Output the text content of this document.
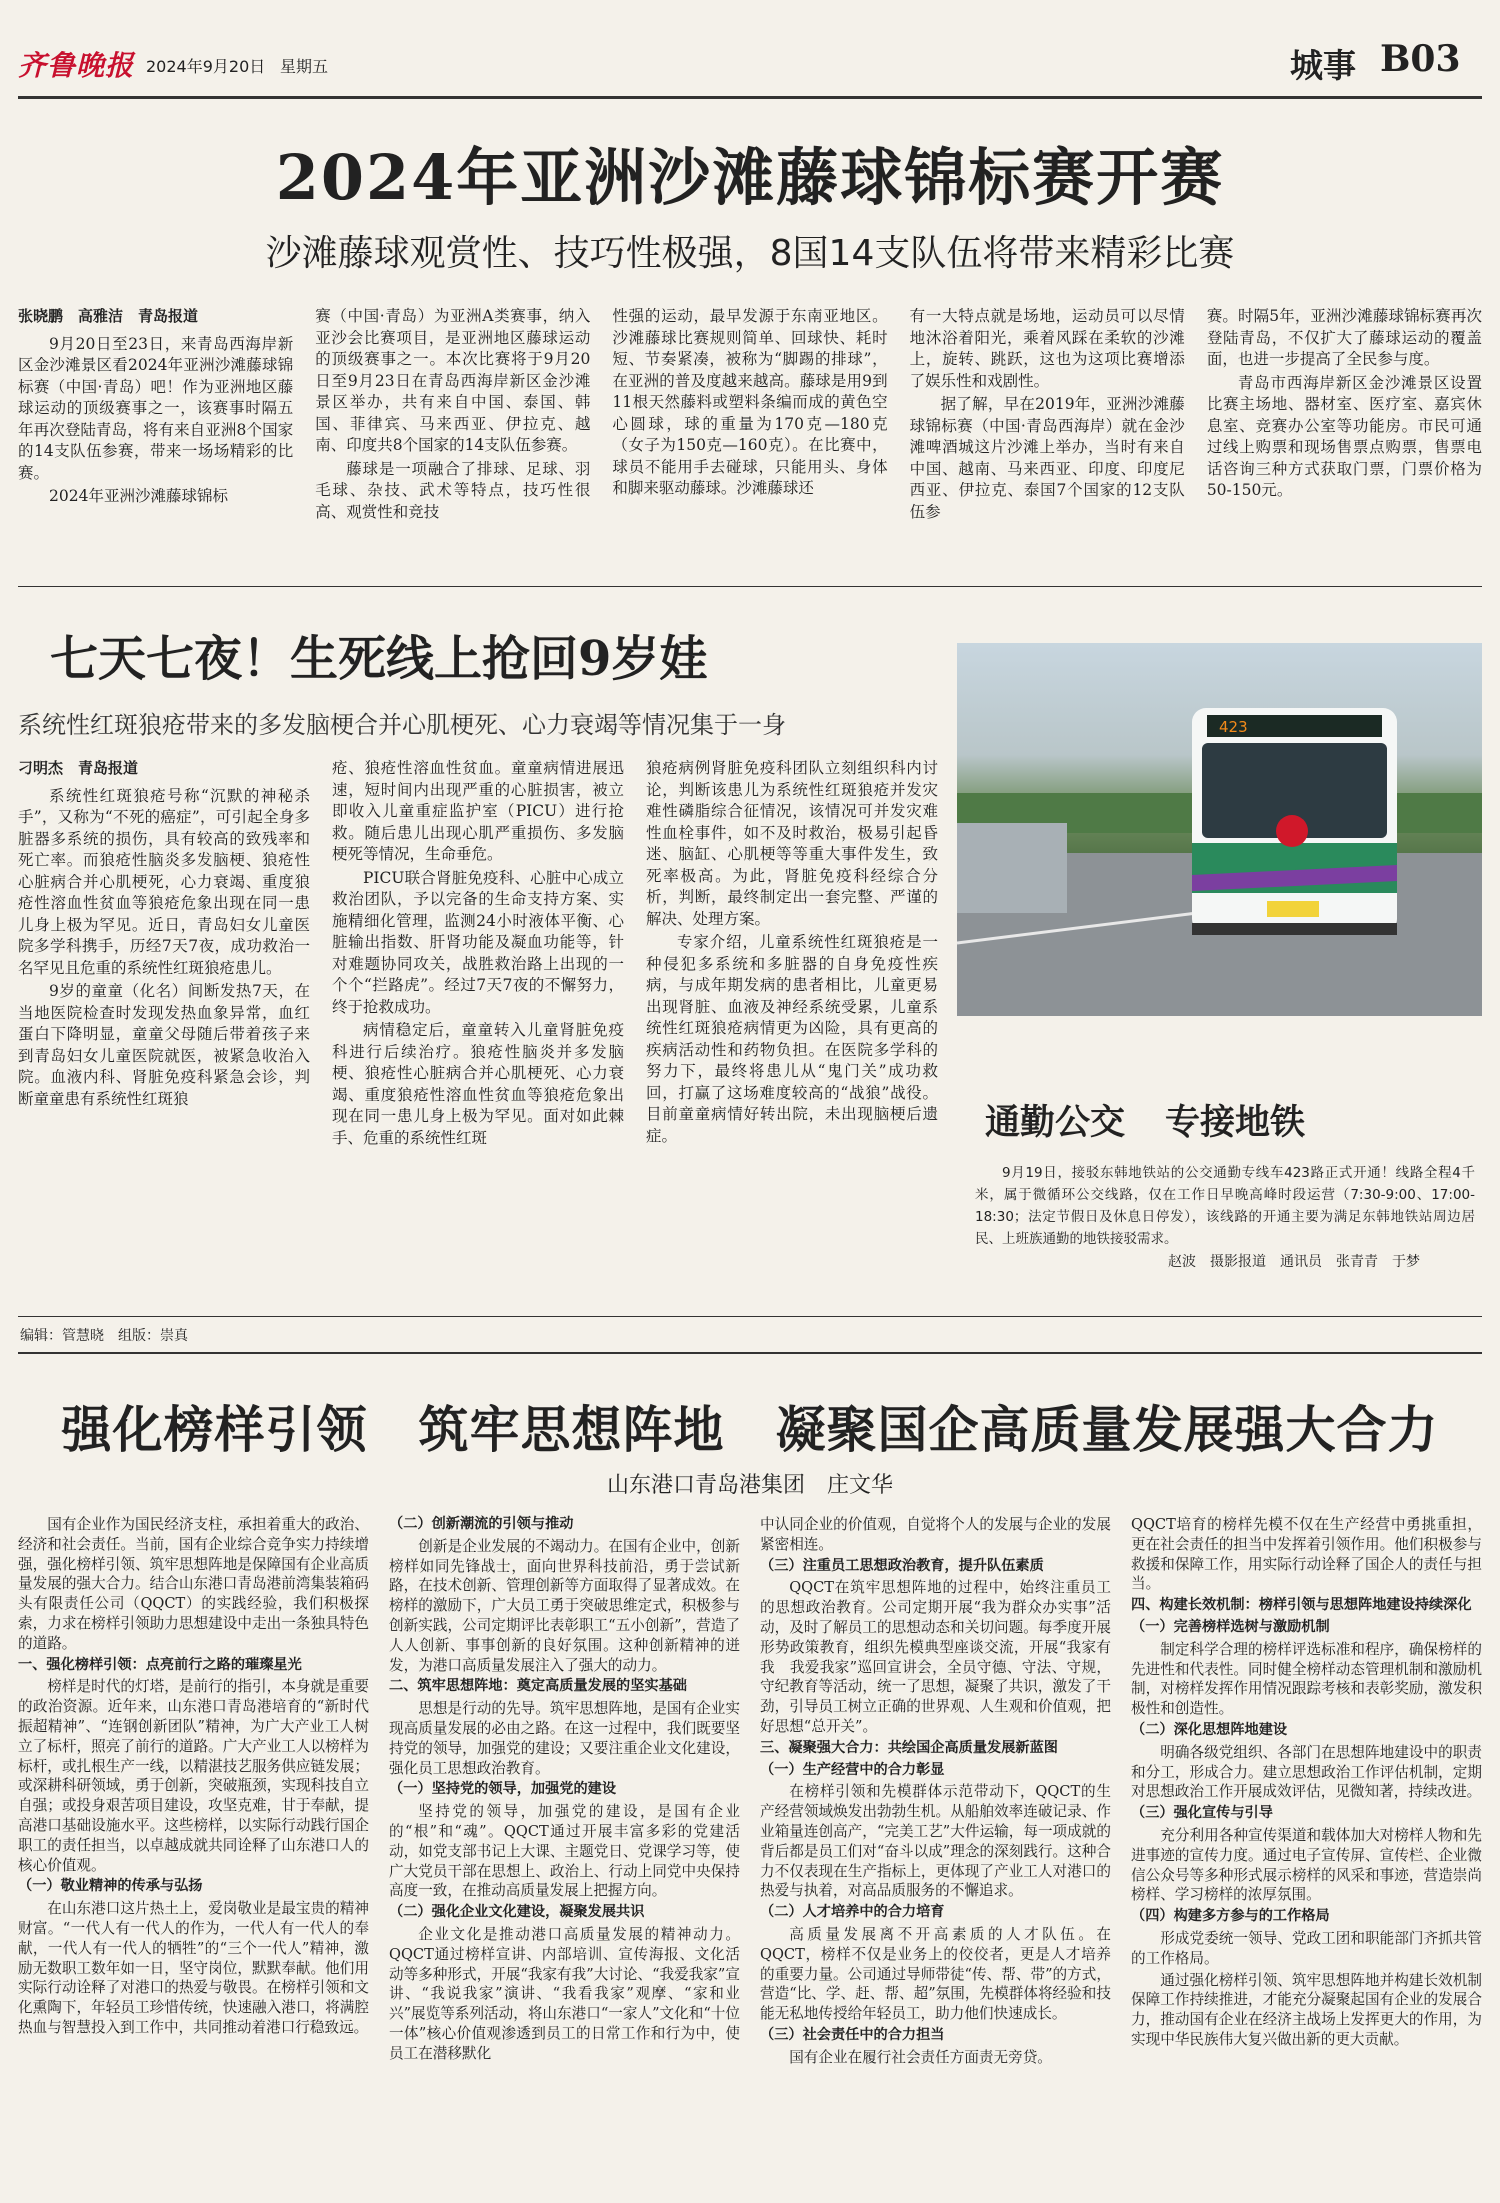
齐鲁晚报 2024年9月20日 星期五	城事 B03
2024年亚洲沙滩藤球锦标赛开赛
沙滩藤球观赏性、技巧性极强，8国14支队伍将带来精彩比赛

张晓鹏　高雅洁　青岛报道

9月20日至23日，来青岛西海岸新区金沙滩景区看2024年亚洲沙滩藤球锦标赛（中国·青岛）吧！作为亚洲地区藤球运动的顶级赛事之一，该赛事时隔五年再次登陆青岛，将有来自亚洲8个国家的14支队伍参赛，带来一场场精彩的比赛。

2024年亚洲沙滩藤球锦标

赛（中国·青岛）为亚洲A类赛事，纳入亚沙会比赛项目，是亚洲地区藤球运动的顶级赛事之一。本次比赛将于9月20日至9月23日在青岛西海岸新区金沙滩景区举办，共有来自中国、泰国、韩国、菲律宾、马来西亚、伊拉克、越南、印度共8个国家的14支队伍参赛。

藤球是一项融合了排球、足球、羽毛球、杂技、武术等特点，技巧性很高、观赏性和竞技

性强的运动，最早发源于东南亚地区。沙滩藤球比赛规则简单、回球快、耗时短、节奏紧凑，被称为“脚踢的排球”，在亚洲的普及度越来越高。藤球是用9到11根天然藤料或塑料条编而成的黄色空心圆球，球的重量为170克—180克（女子为150克—160克）。在比赛中，球员不能用手去碰球，只能用头、身体和脚来驱动藤球。沙滩藤球还

有一大特点就是场地，运动员可以尽情地沐浴着阳光，乘着风踩在柔软的沙滩上，旋转、跳跃，这也为这项比赛增添了娱乐性和戏剧性。

据了解，早在2019年，亚洲沙滩藤球锦标赛（中国·青岛西海岸）就在金沙滩啤酒城这片沙滩上举办，当时有来自中国、越南、马来西亚、印度、印度尼西亚、伊拉克、泰国7个国家的12支队伍参

赛。时隔5年，亚洲沙滩藤球锦标赛再次登陆青岛，不仅扩大了藤球运动的覆盖面，也进一步提高了全民参与度。

青岛市西海岸新区金沙滩景区设置比赛主场地、器材室、医疗室、嘉宾休息室、竞赛办公室等功能房。市民可通过线上购票和现场售票点购票，售票电话咨询三种方式获取门票，门票价格为50-150元。

七天七夜！生死线上抢回9岁娃
系统性红斑狼疮带来的多发脑梗合并心肌梗死、心力衰竭等情况集于一身

刁明杰　青岛报道

系统性红斑狼疮号称“沉默的神秘杀手”，又称为“不死的癌症”，可引起全身多脏器多系统的损伤，具有较高的致残率和死亡率。而狼疮性脑炎多发脑梗、狼疮性心脏病合并心肌梗死，心力衰竭、重度狼疮性溶血性贫血等狼疮危象出现在同一患儿身上极为罕见。近日，青岛妇女儿童医院多学科携手，历经7天7夜，成功救治一名罕见且危重的系统性红斑狼疮患儿。

9岁的童童（化名）间断发热7天，在当地医院检查时发现发热血象异常，血红蛋白下降明显，童童父母随后带着孩子来到青岛妇女儿童医院就医，被紧急收治入院。血液内科、肾脏免疫科紧急会诊，判断童童患有系统性红斑狼

疮、狼疮性溶血性贫血。童童病情进展迅速，短时间内出现严重的心脏损害，被立即收入儿童重症监护室（PICU）进行抢救。随后患儿出现心肌严重损伤、多发脑梗死等情况，生命垂危。

PICU联合肾脏免疫科、心脏中心成立救治团队，予以完备的生命支持方案、实施精细化管理，监测24小时液体平衡、心脏输出指数、肝肾功能及凝血功能等，针对难题协同攻关，战胜救治路上出现的一个个“拦路虎”。经过7天7夜的不懈努力，终于抢救成功。

病情稳定后，童童转入儿童肾脏免疫科进行后续治疗。狼疮性脑炎并多发脑梗、狼疮性心脏病合并心肌梗死、心力衰竭、重度狼疮性溶血性贫血等狼疮危象出现在同一患儿身上极为罕见。面对如此棘手、危重的系统性红斑

狼疮病例肾脏免疫科团队立刻组织科内讨论，判断该患儿为系统性红斑狼疮并发灾难性磷脂综合征情况，该情况可并发灾难性血栓事件，如不及时救治，极易引起昏迷、脑缸、心肌梗等等重大事件发生，致死率极高。为此，肾脏免疫科经综合分析，判断，最终制定出一套完整、严谨的解决、处理方案。

专家介绍，儿童系统性红斑狼疮是一种侵犯多系统和多脏器的自身免疫性疾病，与成年期发病的患者相比，儿童更易出现肾脏、血液及神经系统受累，儿童系统性红斑狼疮病情更为凶险，具有更高的疾病活动性和药物负担。在医院多学科的努力下，最终将患儿从“鬼门关”成功救回，打赢了这场难度较高的“战狼”战役。目前童童病情好转出院，未出现脑梗后遗症。

423
通勤公交 专接地铁
9月19日，接驳东韩地铁站的公交通勤专线车423路正式开通！线路全程4千米，属于微循环公交线路，仅在工作日早晚高峰时段运营（7:30-9:00、17:00-18:30；法定节假日及休息日停发），该线路的开通主要为满足东韩地铁站周边居民、上班族通勤的地铁接驳需求。
赵波　摄影报道　通讯员　张青青　于梦
编辑：管慧晓　组版：崇真
强化榜样引领　筑牢思想阵地　凝聚国企高质量发展强大合力
山东港口青岛港集团　庄文华

国有企业作为国民经济支柱，承担着重大的政治、经济和社会责任。当前，国有企业综合竞争实力持续增强，强化榜样引领、筑牢思想阵地是保障国有企业高质量发展的强大合力。结合山东港口青岛港前湾集装箱码头有限责任公司（QQCT）的实践经验，我们积极探索，力求在榜样引领助力思想建设中走出一条独具特色的道路。

一、强化榜样引领：点亮前行之路的璀璨星光

榜样是时代的灯塔，是前行的指引，本身就是重要的政治资源。近年来，山东港口青岛港培育的“新时代振超精神”、“连钢创新团队”精神，为广大产业工人树立了标杆，照亮了前行的道路。广大产业工人以榜样为标杆，或扎根生产一线，以精湛技艺服务供应链发展；或深耕科研领域，勇于创新，突破瓶颈，实现科技自立自强；或投身艰苦项目建设，攻坚克难，甘于奉献，提高港口基础设施水平。这些榜样，以实际行动践行国企职工的责任担当，以卓越成就共同诠释了山东港口人的核心价值观。

（一）敬业精神的传承与弘扬

在山东港口这片热土上，爱岗敬业是最宝贵的精神财富。“一代人有一代人的作为，一代人有一代人的奉献，一代人有一代人的牺牲”的“三个一代人”精神，激励无数职工数年如一日，坚守岗位，默默奉献。他们用实际行动诠释了对港口的热爱与敬畏。在榜样引领和文化熏陶下，年轻员工珍惜传统，快速融入港口，将满腔热血与智慧投入到工作中，共同推动着港口行稳致远。

（二）创新潮流的引领与推动

创新是企业发展的不竭动力。在国有企业中，创新榜样如同先锋战士，面向世界科技前沿，勇于尝试新路，在技术创新、管理创新等方面取得了显著成效。在榜样的激励下，广大员工勇于突破思维定式，积极参与创新实践，公司定期评比表彰职工“五小创新”，营造了人人创新、事事创新的良好氛围。这种创新精神的迸发，为港口高质量发展注入了强大的动力。

二、筑牢思想阵地：奠定高质量发展的坚实基础

思想是行动的先导。筑牢思想阵地，是国有企业实现高质量发展的必由之路。在这一过程中，我们既要坚持党的领导，加强党的建设；又要注重企业文化建设，强化员工思想政治教育。

（一）坚持党的领导，加强党的建设

坚持党的领导，加强党的建设，是国有企业的“根”和“魂”。QQCT通过开展丰富多彩的党建活动，如党支部书记上大课、主题党日、党课学习等，使广大党员干部在思想上、政治上、行动上同党中央保持高度一致，在推动高质量发展上把握方向。

（二）强化企业文化建设，凝聚发展共识

企业文化是推动港口高质量发展的精神动力。QQCT通过榜样宣讲、内部培训、宣传海报、文化活动等多种形式，开展“我家有我”大讨论、“我爱我家”宣讲、“我说我家”演讲、“我看我家”观摩、“家和业兴”展览等系列活动，将山东港口“一家人”文化和“十位一体”核心价值观渗透到员工的日常工作和行为中，使员工在潜移默化

中认同企业的价值观，自觉将个人的发展与企业的发展紧密相连。

（三）注重员工思想政治教育，提升队伍素质

QQCT在筑牢思想阵地的过程中，始终注重员工的思想政治教育。公司定期开展“我为群众办实事”活动，及时了解员工的思想动态和关切问题。每季度开展形势政策教育，组织先模典型座谈交流，开展“我家有我　我爱我家”巡回宣讲会，全员守德、守法、守规，守纪教育等活动，统一了思想，凝聚了共识，激发了干劲，引导员工树立正确的世界观、人生观和价值观，把好思想“总开关”。

三、凝聚强大合力：共绘国企高质量发展新蓝图

（一）生产经营中的合力彰显

在榜样引领和先模群体示范带动下，QQCT的生产经营领域焕发出勃勃生机。从船舶效率连破记录、作业箱量连创高产，“完美工艺”大件运输，每一项成就的背后都是员工们对“奋斗以成”理念的深刻践行。这种合力不仅表现在生产指标上，更体现了产业工人对港口的热爱与执着，对高品质服务的不懈追求。

（二）人才培养中的合力培育

高质量发展离不开高素质的人才队伍。在QQCT，榜样不仅是业务上的佼佼者，更是人才培养的重要力量。公司通过导师带徒“传、帮、带”的方式，营造“比、学、赶、帮、超”氛围，先模群体将经验和技能无私地传授给年轻员工，助力他们快速成长。

（三）社会责任中的合力担当

国有企业在履行社会责任方面责无旁贷。

QQCT培育的榜样先模不仅在生产经营中勇挑重担，更在社会责任的担当中发挥着引领作用。他们积极参与救援和保障工作，用实际行动诠释了国企人的责任与担当。

四、构建长效机制：榜样引领与思想阵地建设持续深化

（一）完善榜样选树与激励机制

制定科学合理的榜样评选标准和程序，确保榜样的先进性和代表性。同时健全榜样动态管理机制和激励机制，对榜样发挥作用情况跟踪考核和表彰奖励，激发积极性和创造性。

（二）深化思想阵地建设

明确各级党组织、各部门在思想阵地建设中的职责和分工，形成合力。建立思想政治工作评估机制，定期对思想政治工作开展成效评估，见微知著，持续改进。

（三）强化宣传与引导

充分利用各种宣传渠道和载体加大对榜样人物和先进事迹的宣传力度。通过电子宣传屏、宣传栏、企业微信公众号等多种形式展示榜样的风采和事迹，营造崇尚榜样、学习榜样的浓厚氛围。

（四）构建多方参与的工作格局

形成党委统一领导、党政工团和职能部门齐抓共管的工作格局。

通过强化榜样引领、筑牢思想阵地并构建长效机制保障工作持续推进，才能充分凝聚起国有企业的发展合力，推动国有企业在经济主战场上发挥更大的作用，为实现中华民族伟大复兴做出新的更大贡献。
